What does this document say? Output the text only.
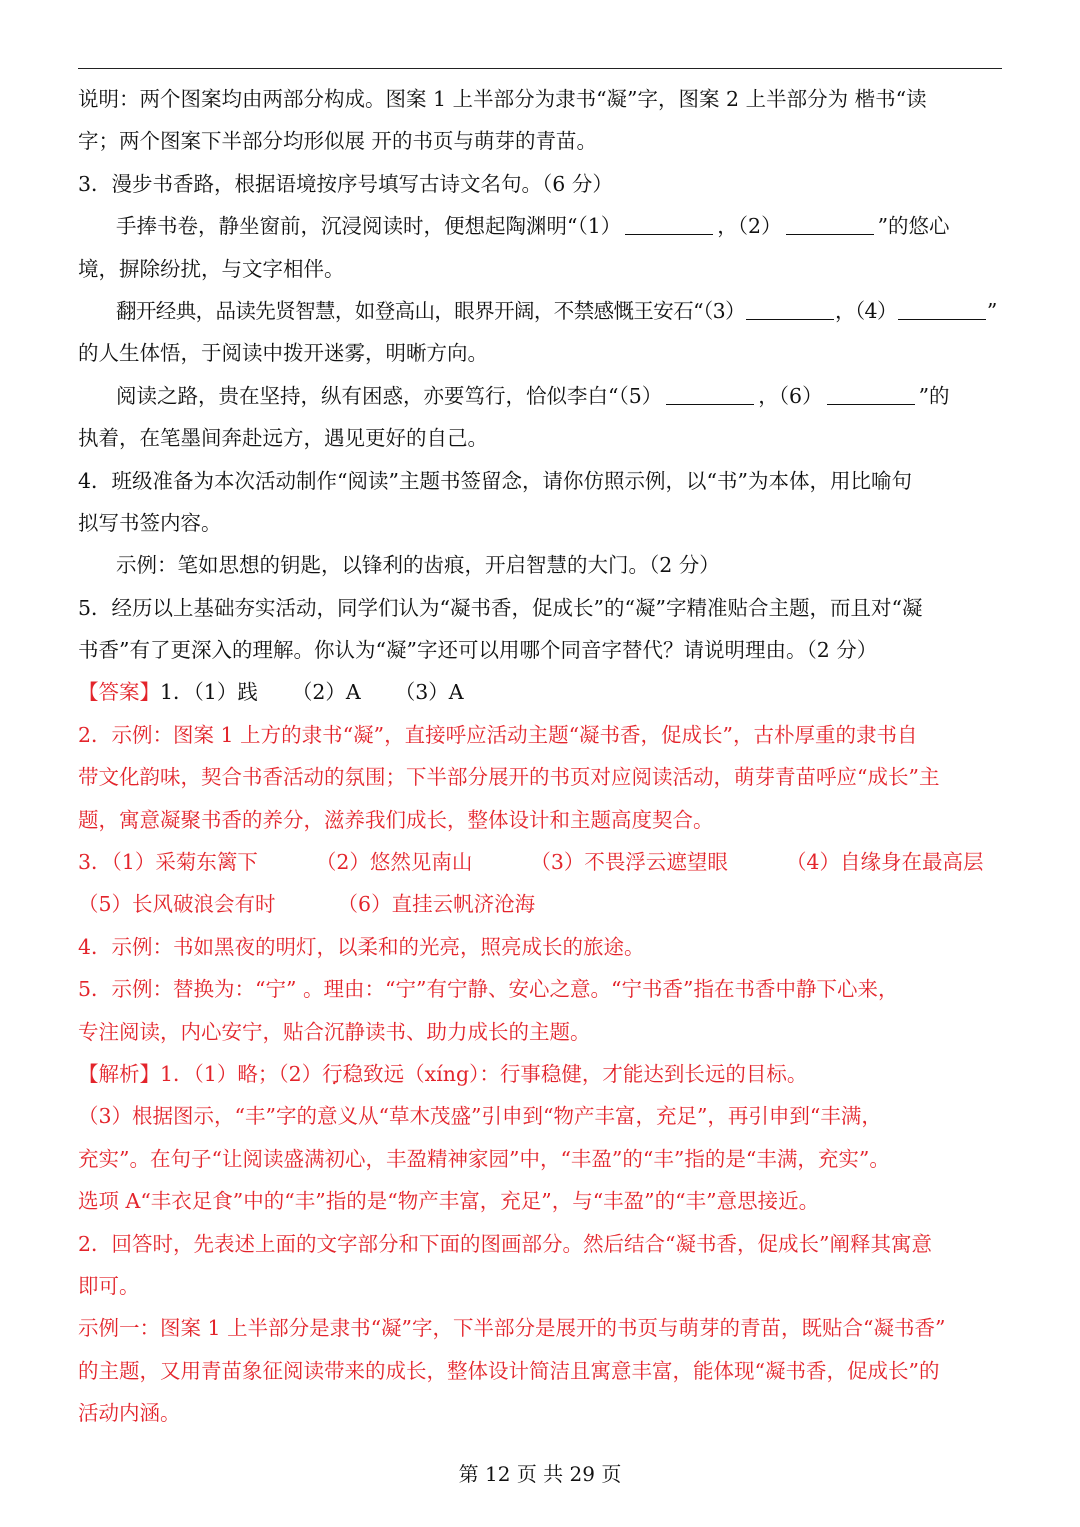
说明：两个图案均由两部分构成。图案 1 上半部分为隶书“凝”字，图案 2 上半部分为 楷书“读
字；两个图案下半部分均形似展 开的书页与萌芽的青苗。
3．漫步书香路，根据语境按序号填写古诗文名句。（6 分）
手捧书卷，静坐窗前，沉浸阅读时，便想起陶渊明“（1）	，（2）	”的悠心
境，摒除纷扰，与文字相伴。
翻开经典，品读先贤智慧，如登高山，眼界开阔，不禁感慨王安石“（3）	，（4）	”
的人生体悟，于阅读中拨开迷雾，明晰方向。
阅读之路，贵在坚持，纵有困惑，亦要笃行，恰似李白“（5）	，（6）	”的
执着，在笔墨间奔赴远方，遇见更好的自己。
4．班级准备为本次活动制作“阅读”主题书签留念，请你仿照示例，以“书”为本体，用比喻句
拟写书签内容。
示例：笔如思想的钥匙，以锋利的齿痕，开启智慧的大门。（2 分）
5．经历以上基础夯实活动，同学们认为“凝书香，促成长”的“凝”字精准贴合主题，而且对“凝
书香”有了更深入的理解。你认为“凝”字还可以用哪个同音字替代？请说明理由。（2 分）
【答案】1．（1）践 （2）A （3）A
2．示例：图案 1 上方的隶书“凝”，直接呼应活动主题“凝书香，促成长”，古朴厚重的隶书自
带文化韵味，契合书香活动的氛围；下半部分展开的书页对应阅读活动，萌芽青苗呼应“成长”主
题，寓意凝聚书香的养分，滋养我们成长，整体设计和主题高度契合。
3．（1）采菊东篱下	（2）悠然见南山	（3）不畏浮云遮望眼	（4）自缘身在最高层
（5）长风破浪会有时	（6）直挂云帆济沧海
4．示例：书如黑夜的明灯，以柔和的光亮，照亮成长的旅途。
5．示例：替换为：“宁” 。理由：“宁”有宁静、安心之意。“宁书香”指在书香中静下心来，
专注阅读，内心安宁，贴合沉静读书、助力成长的主题。
【解析】1．（1）略；（2）行 .稳致远（xíng）：行事稳健，才能达到长远的目标。
（3）根据图示，“丰”字的意义从“草木茂盛”引申到“物产丰富，充足”，再引申到“丰满，
充实”。在句子“让阅读盛满初心，丰盈精神家园”中，“丰盈”的“丰”指的是“丰满，充实”。
选项 A“丰衣足食”中的“丰”指的是“物产丰富，充足”，与“丰盈”的“丰”意思接近。
2．回答时，先表述上面的文字部分和下面的图画部分。然后结合“凝书香，促成长”阐释其寓意
即可。
示例一：图案 1 上半部分是隶书“凝”字，下半部分是展开的书页与萌芽的青苗，既贴合“凝书香”
的主题，又用青苗象征阅读带来的成长，整体设计简洁且寓意丰富，能体现“凝书香，促成长”的
活动内涵。
第 12 页 共 29 页
